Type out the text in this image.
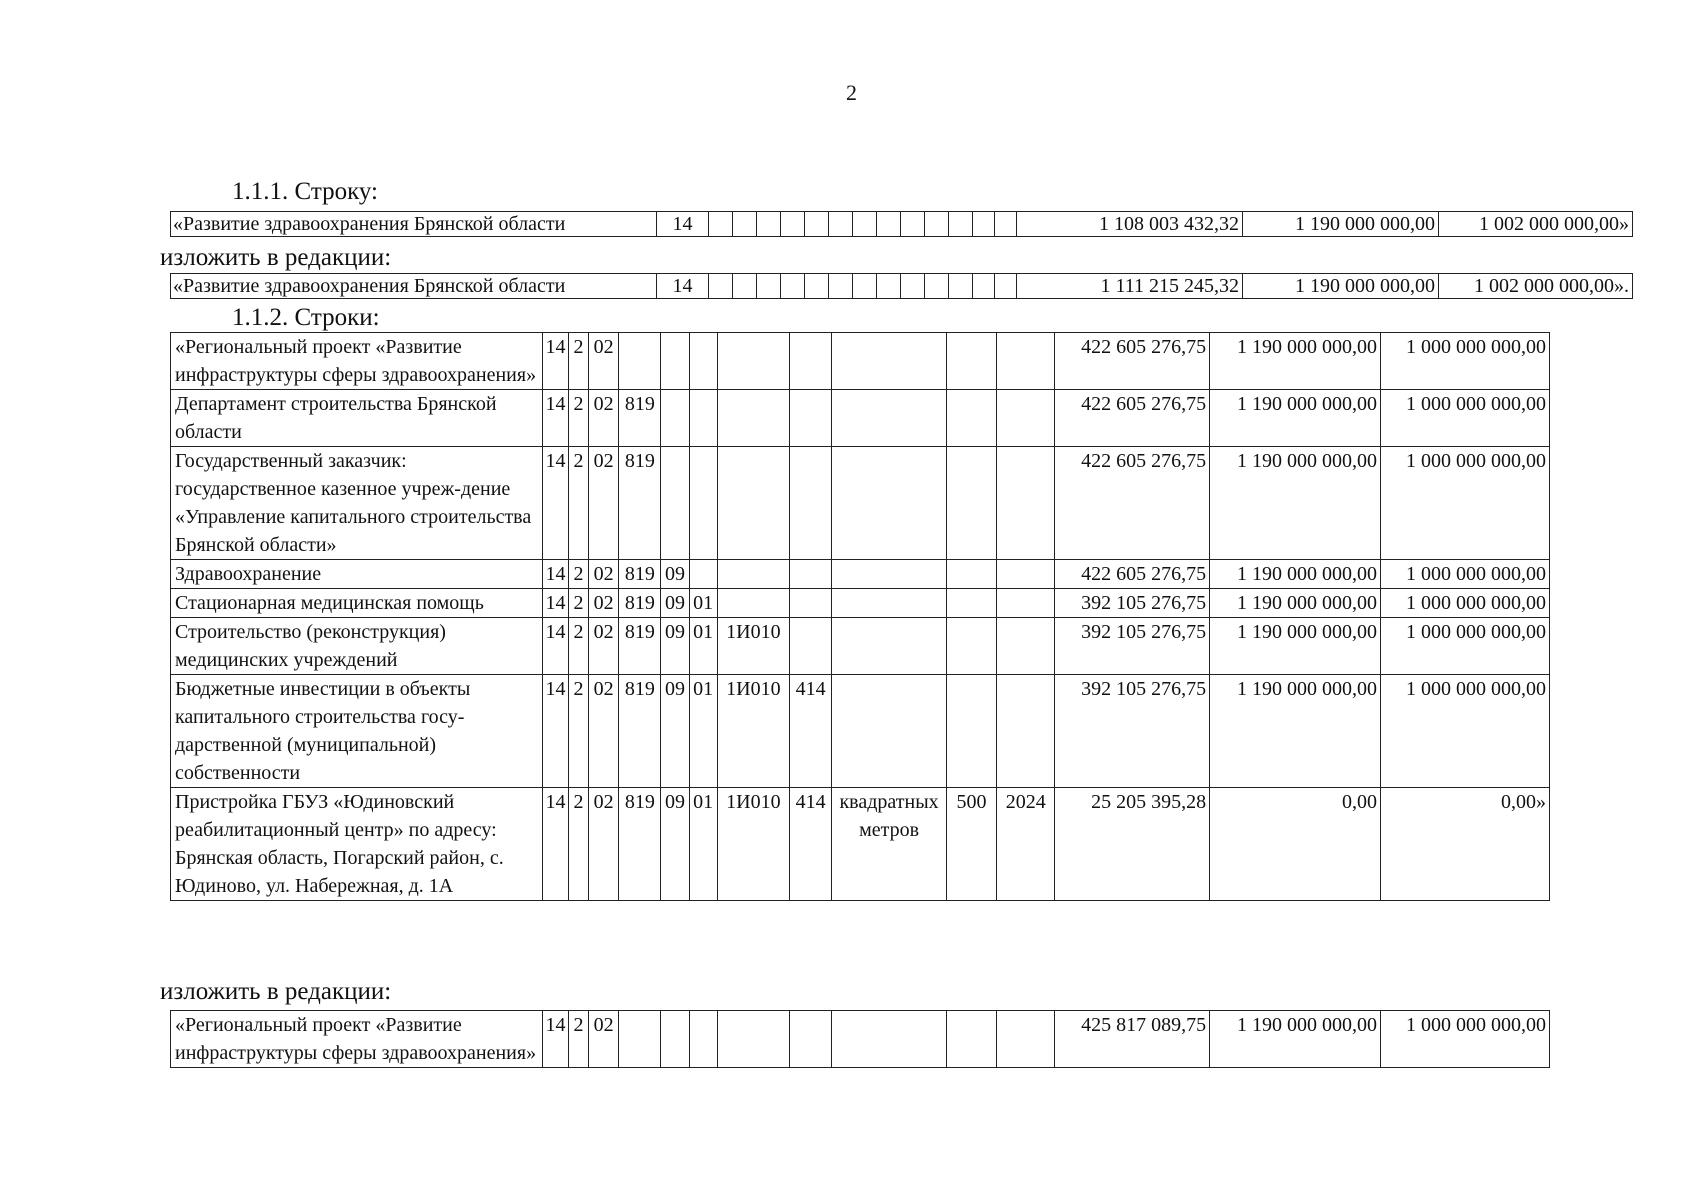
2
1.1.1. Строку:
«Развитие здравоохранения Брянской области	14														1 108 003 432,32	1 190 000 000,00	1 002 000 000,00»
изложить в редакции:
«Развитие здравоохранения Брянской области	14														1 111 215 245,32	1 190 000 000,00	1 002 000 000,00».
1.1.2. Строки:
«Региональный проект «Развитие инфраструктуры сферы здравоохранения»	14	2	02									422 605 276,75	1 190 000 000,00	1 000 000 000,00
Департамент строительства Брянской области	14	2	02	819								422 605 276,75	1 190 000 000,00	1 000 000 000,00
Государственный заказчик: государственное казенное учреж-дение «Управление капитального строительства Брянской области»	14	2	02	819								422 605 276,75	1 190 000 000,00	1 000 000 000,00
Здравоохранение	14	2	02	819	09							422 605 276,75	1 190 000 000,00	1 000 000 000,00
Стационарная медицинская помощь	14	2	02	819	09	01						392 105 276,75	1 190 000 000,00	1 000 000 000,00
Строительство (реконструкция) медицинских учреждений	14	2	02	819	09	01	1И010					392 105 276,75	1 190 000 000,00	1 000 000 000,00
Бюджетные инвестиции в объекты капитального строительства госу-дарственной (муниципальной) собственности	14	2	02	819	09	01	1И010	414				392 105 276,75	1 190 000 000,00	1 000 000 000,00
Пристройка ГБУЗ «Юдиновский реабилитационный центр» по адресу: Брянская область, Погарский район, с. Юдиново, ул. Набережная, д. 1А	14	2	02	819	09	01	1И010	414	квадратных метров	500	2024	25 205 395,28	0,00	0,00»
изложить в редакции:
«Региональный проект «Развитие инфраструктуры сферы здравоохранения»	14	2	02									425 817 089,75	1 190 000 000,00	1 000 000 000,00
